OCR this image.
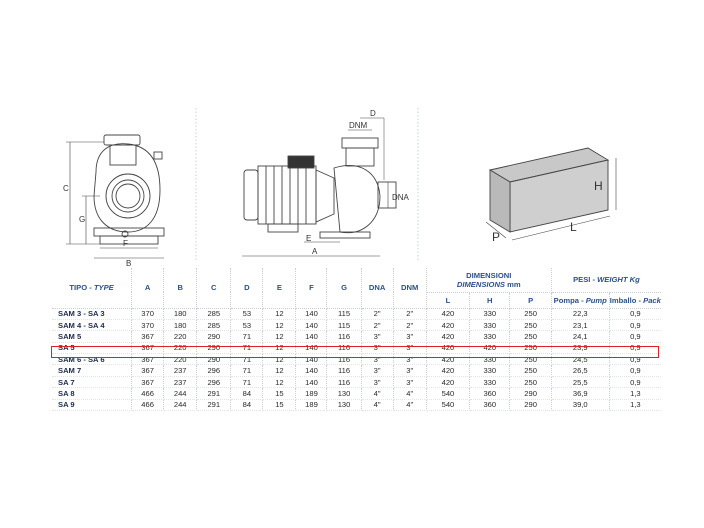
C
G
F
B
D
DNM
DNA
E
A
H
P
L
TIPO - TYPE	A	B	C	D	E	F	G	DNA	DNM	DIMENSIONI
DIMENSIONS mm			PESI - WEIGHT Kg	
										L	H	P	Pompa - Pump	Imballo - Pack
SAM 3 - SA 3	370	180	285	53	12	140	115	2"	2"	420	330	250	22,3	0,9
SAM 4 - SA 4	370	180	285	53	12	140	115	2"	2"	420	330	250	23,1	0,9
SAM 5	367	220	290	71	12	140	116	3"	3"	420	330	250	24,1	0,9
SA 5	367	220	290	71	12	140	116	3"	3"	420	420	250	23,9	0,9
SAM 6 - SA 6	367	220	290	71	12	140	116	3"	3"	420	330	250	24,5	0,9
SAM 7	367	237	296	71	12	140	116	3"	3"	420	330	250	26,5	0,9
SA 7	367	237	296	71	12	140	116	3"	3"	420	330	250	25,5	0,9
SA 8	466	244	291	84	15	189	130	4"	4"	540	360	290	36,9	1,3
SA 9	466	244	291	84	15	189	130	4"	4"	540	360	290	39,0	1,3
